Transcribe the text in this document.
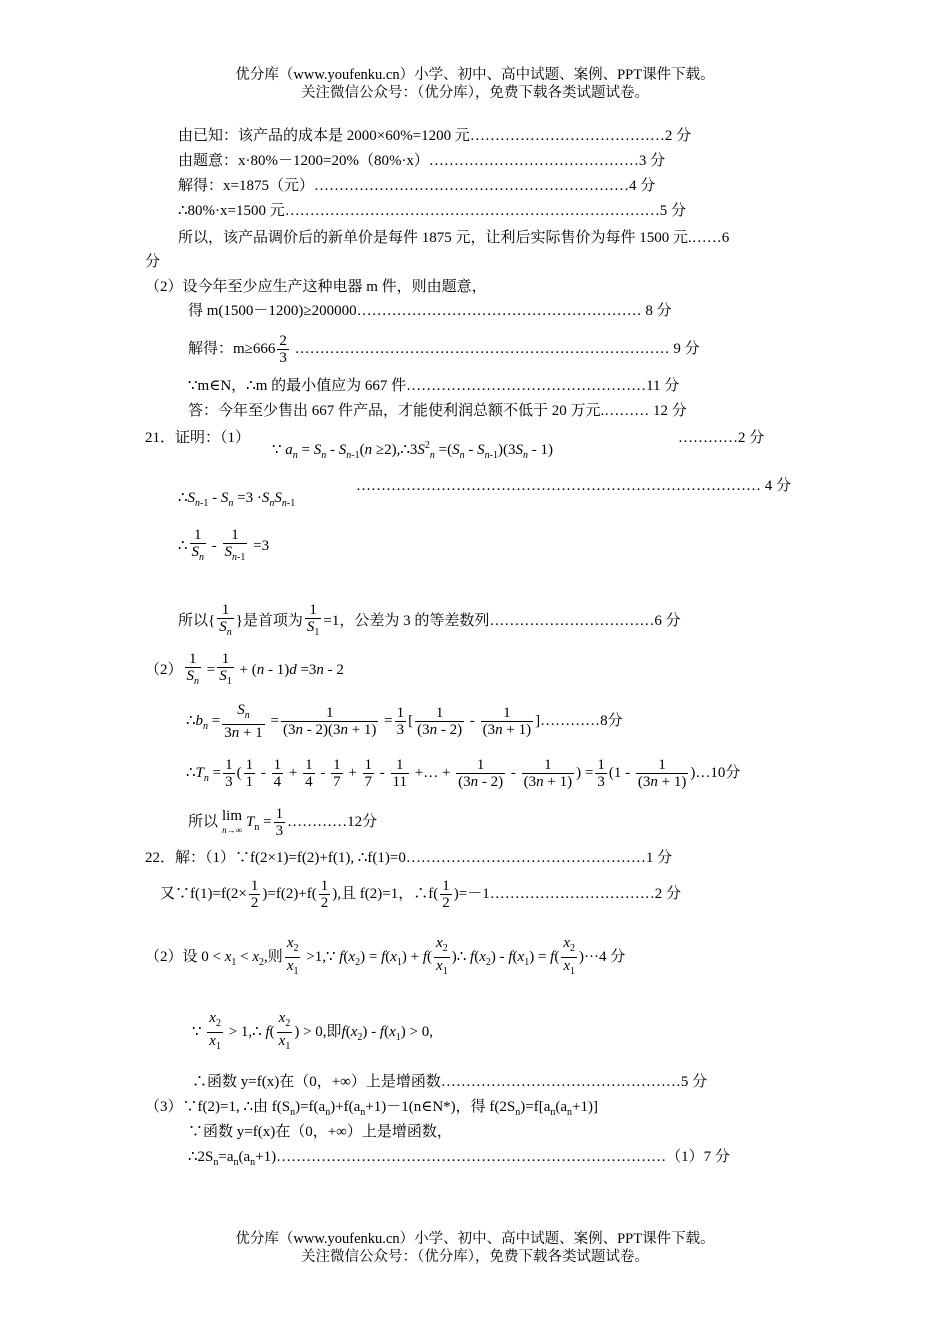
优分库（www.youfenku.cn）小学、初中、高中试题、案例、PPT课件下载。
关注微信公众号：（优分库），免费下载各类试题试卷。
由已知：该产品的成本是 2000×60%=1200 元…………………………………2 分
由题意：x·80%－1200=20%（80%·x）……………………………………3 分
解得：x=1875（元）………………………………………………………4 分
∴80%·x=1500 元…………………………………………………………………5 分
所以，该产品调价后的新单价是每件 1875 元，让利后实际售价为每件 1500 元.……6
分
（2）设今年至少应生产这种电器 m 件，则由题意，
得 m(1500－1200)≥200000………………………………………………… 8 分
解得：$m\ge 666 \frac{2}{3}$ ………………………………………………………………… 9 分
∵m∈N，∴m 的最小值应为 667 件…………………………………………11 分
答：今年至少售出 667 件产品，才能使利润总额不低于 20 万元.……… 12 分
21．证明：（1）
∵ $a_n = S_n - S_{n-1}(n$ $\ge 2),\therefore 3S^2_n =(S_n - S_{n-1})(3S_n - 1)$
…………2 分
$\therefore S_{n-1} - S_n =3 \cdot S_nS_{n-1}$
……………………………………………………………………… 4 分
∴ $\frac{1}{S_n} - \frac{1}{S_{n-1}} =3$
所以{ $\frac{1}{S_n}$ }是首项为 $\frac{1}{S_1} =1$，公差为 3 的等差数列……………………………6 分
$(2) \frac{1}{S_n} = \frac{1}{S_1} + (n - 1)d =3n - 2$
$\therefore b_n = \frac{S_n}{3n + 1} = \frac{1}{(3n - 2)(3n + 1)} = \frac{1}{3}$ [ $\frac{1}{(3n - 2)} - \frac{1}{(3n + 1)}$ ]…………8分
$\therefore T_n = \frac{1}{3}$ ( $\frac{1}{1} - \frac{1}{4} + \frac{1}{4} - \frac{1}{7} + \frac{1}{7} - \frac{1}{11}$ +… + $\frac{1}{(3n - 2)} - \frac{1}{(3n + 1)}$ ) = $\frac{1}{3} (1 - \frac{1}{(3n + 1)}$ )…10分
所以 lim
n→∞ $T_n = \frac{1}{3}$ …………12分
22．解：（1）∵f(2×1)=f(2)+f(1), ∴f(1)=0…………………………………………1 分
又∵f(1)=f(2× $\frac{1}{2} )=f(2)+f( \frac{1}{2}$ ),且 f(2)=1，∴f( $\frac{1}{2}$ )=－1……………………………2 分
（2）设 $0 < x_1 < x_2$,则 $\frac{x_2}{x_1}$ >1,∵ $f(x_2) = f(x_1) + f( \frac{x_2}{x_1}$ )∴ $f(x_2) - f(x_1) = f( \frac{x_2}{x_1} )\cdot\cdot\cdot 4$ 分
∵ $\frac{x_2}{x_1}$ > 1,∴ $f( \frac{x_2}{x_1}$ ) > 0,即$f(x_2) - f(x_1) > 0$,
∴函数 y=f(x)在（0，+∞）上是增函数…………………………………………5 分
（3）∵f(2)=1, ∴由 $f(S_n)=f(a_n)+f(a_n+1)-1(n\in N*)$，得 $f(2S_n)=f[a_n(a_n+1)]$
∵函数 y=f(x)在（0，+∞）上是增函数，
$\therefore 2S_n=a_n(a_n+1)\dots\dots\dots\dots\dots\dots\dots\dots\dots\dots\dots\dots\dots\dots\dots\dots\dots\dots\dots\dots\dots\dots\dots\dots\dots\dots(1)7$ 分
优分库（www.youfenku.cn）小学、初中、高中试题、案例、PPT课件下载。
关注微信公众号：（优分库），免费下载各类试题试卷。
